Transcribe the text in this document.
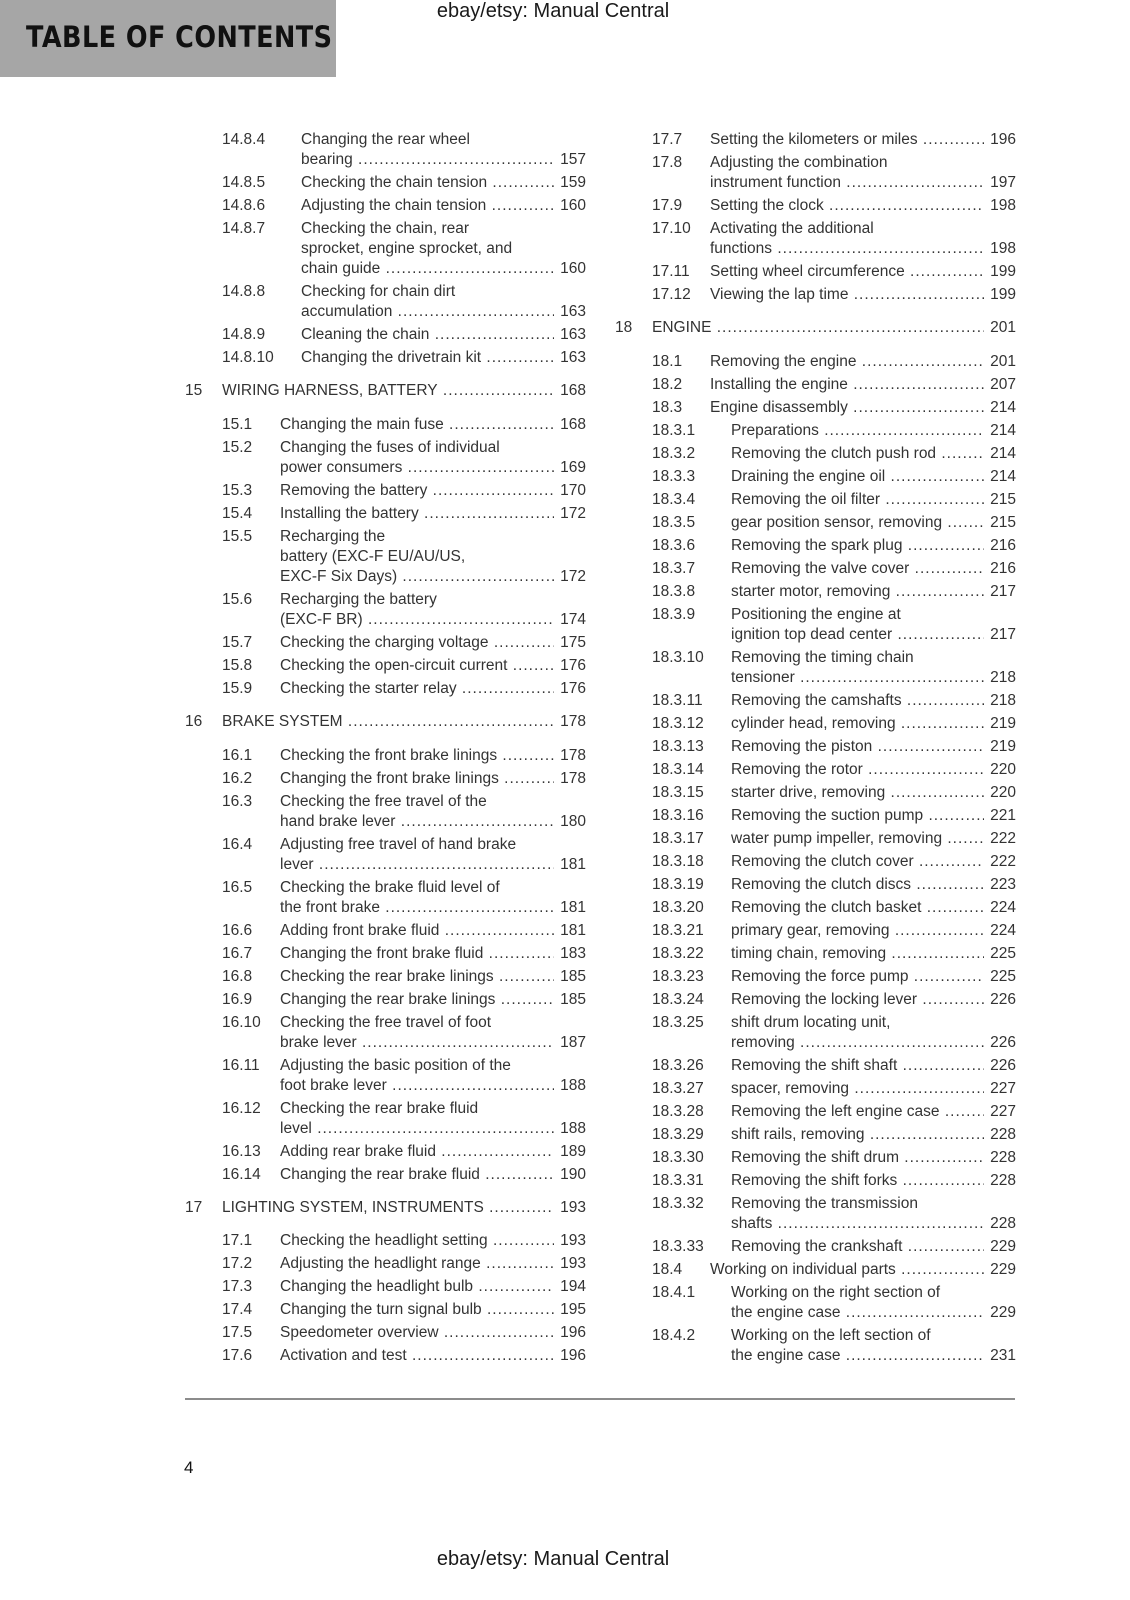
TABLE OF CONTENTS
ebay/etsy: Manual Central
14.8.4 Changing the rear wheel
bearing	157
.....
14.8.5 Checking the chain tension	159
.....
14.8.6 Adjusting the chain tension	160
.....
14.8.7 Checking the chain, rear
sprocket, engine sprocket, and
chain guide	160
.....
14.8.8 Checking for chain dirt
accumulation	163
.....
14.8.9 Cleaning the chain	163
.....
14.8.10 Changing the drivetrain kit	163
.....
15 WIRING HARNESS, BATTERY	168
.....
15.1 Changing the main fuse	168
.....
15.2 Changing the fuses of individual
power consumers	169
.....
15.3 Removing the battery	170
.....
15.4 Installing the battery	172
.....
15.5 Recharging the
battery (EXC-F EU/AU/US,
EXC-F Six Days)	172
.....
15.6 Recharging the battery
(EXC-F BR)	174
.....
15.7 Checking the charging voltage	175
.....
15.8 Checking the open-circuit current	176
.....
15.9 Checking the starter relay	176
.....
16 BRAKE SYSTEM	178
.....
16.1 Checking the front brake linings	178
.....
16.2 Changing the front brake linings	178
.....
16.3 Checking the free travel of the
hand brake lever	180
.....
16.4 Adjusting free travel of hand brake
lever	181
.....
16.5 Checking the brake fluid level of
the front brake	181
.....
16.6 Adding front brake fluid	181
.....
16.7 Changing the front brake fluid	183
.....
16.8 Checking the rear brake linings	185
.....
16.9 Changing the rear brake linings	185
.....
16.10 Checking the free travel of foot
brake lever	187
.....
16.11 Adjusting the basic position of the
foot brake lever	188
.....
16.12 Checking the rear brake fluid
level	188
.....
16.13 Adding rear brake fluid	189
.....
16.14 Changing the rear brake fluid	190
.....
17 LIGHTING SYSTEM, INSTRUMENTS	193
.....
17.1 Checking the headlight setting	193
.....
17.2 Adjusting the headlight range	193
.....
17.3 Changing the headlight bulb	194
.....
17.4 Changing the turn signal bulb	195
.....
17.5 Speedometer overview	196
.....
17.6 Activation and test	196
.....
17.7 Setting the kilometers or miles	196
.....
17.8 Adjusting the combination
instrument function	197
.....
17.9 Setting the clock	198
.....
17.10 Activating the additional
functions	198
.....
17.11 Setting wheel circumference	199
.....
17.12 Viewing the lap time	199
.....
18 ENGINE	201
.....
18.1 Removing the engine	201
.....
18.2 Installing the engine	207
.....
18.3 Engine disassembly	214
.....
18.3.1 Preparations	214
.....
18.3.2 Removing the clutch push rod	214
.....
18.3.3 Draining the engine oil	214
.....
18.3.4 Removing the oil filter	215
.....
18.3.5 gear position sensor, removing	215
.....
18.3.6 Removing the spark plug	216
.....
18.3.7 Removing the valve cover	216
.....
18.3.8 starter motor, removing	217
.....
18.3.9 Positioning the engine at
ignition top dead center	217
.....
18.3.10 Removing the timing chain
tensioner	218
.....
18.3.11 Removing the camshafts	218
.....
18.3.12 cylinder head, removing	219
.....
18.3.13 Removing the piston	219
.....
18.3.14 Removing the rotor	220
.....
18.3.15 starter drive, removing	220
.....
18.3.16 Removing the suction pump	221
.....
18.3.17 water pump impeller, removing	222
.....
18.3.18 Removing the clutch cover	222
.....
18.3.19 Removing the clutch discs	223
.....
18.3.20 Removing the clutch basket	224
.....
18.3.21 primary gear, removing	224
.....
18.3.22 timing chain, removing	225
.....
18.3.23 Removing the force pump	225
.....
18.3.24 Removing the locking lever	226
.....
18.3.25 shift drum locating unit,
removing	226
.....
18.3.26 Removing the shift shaft	226
.....
18.3.27 spacer, removing	227
.....
18.3.28 Removing the left engine case	227
.....
18.3.29 shift rails, removing	228
.....
18.3.30 Removing the shift drum	228
.....
18.3.31 Removing the shift forks	228
.....
18.3.32 Removing the transmission
shafts	228
.....
18.3.33 Removing the crankshaft	229
.....
18.4 Working on individual parts	229
.....
18.4.1 Working on the right section of
the engine case	229
.....
18.4.2 Working on the left section of
the engine case	231
.....
4
ebay/etsy: Manual Central
